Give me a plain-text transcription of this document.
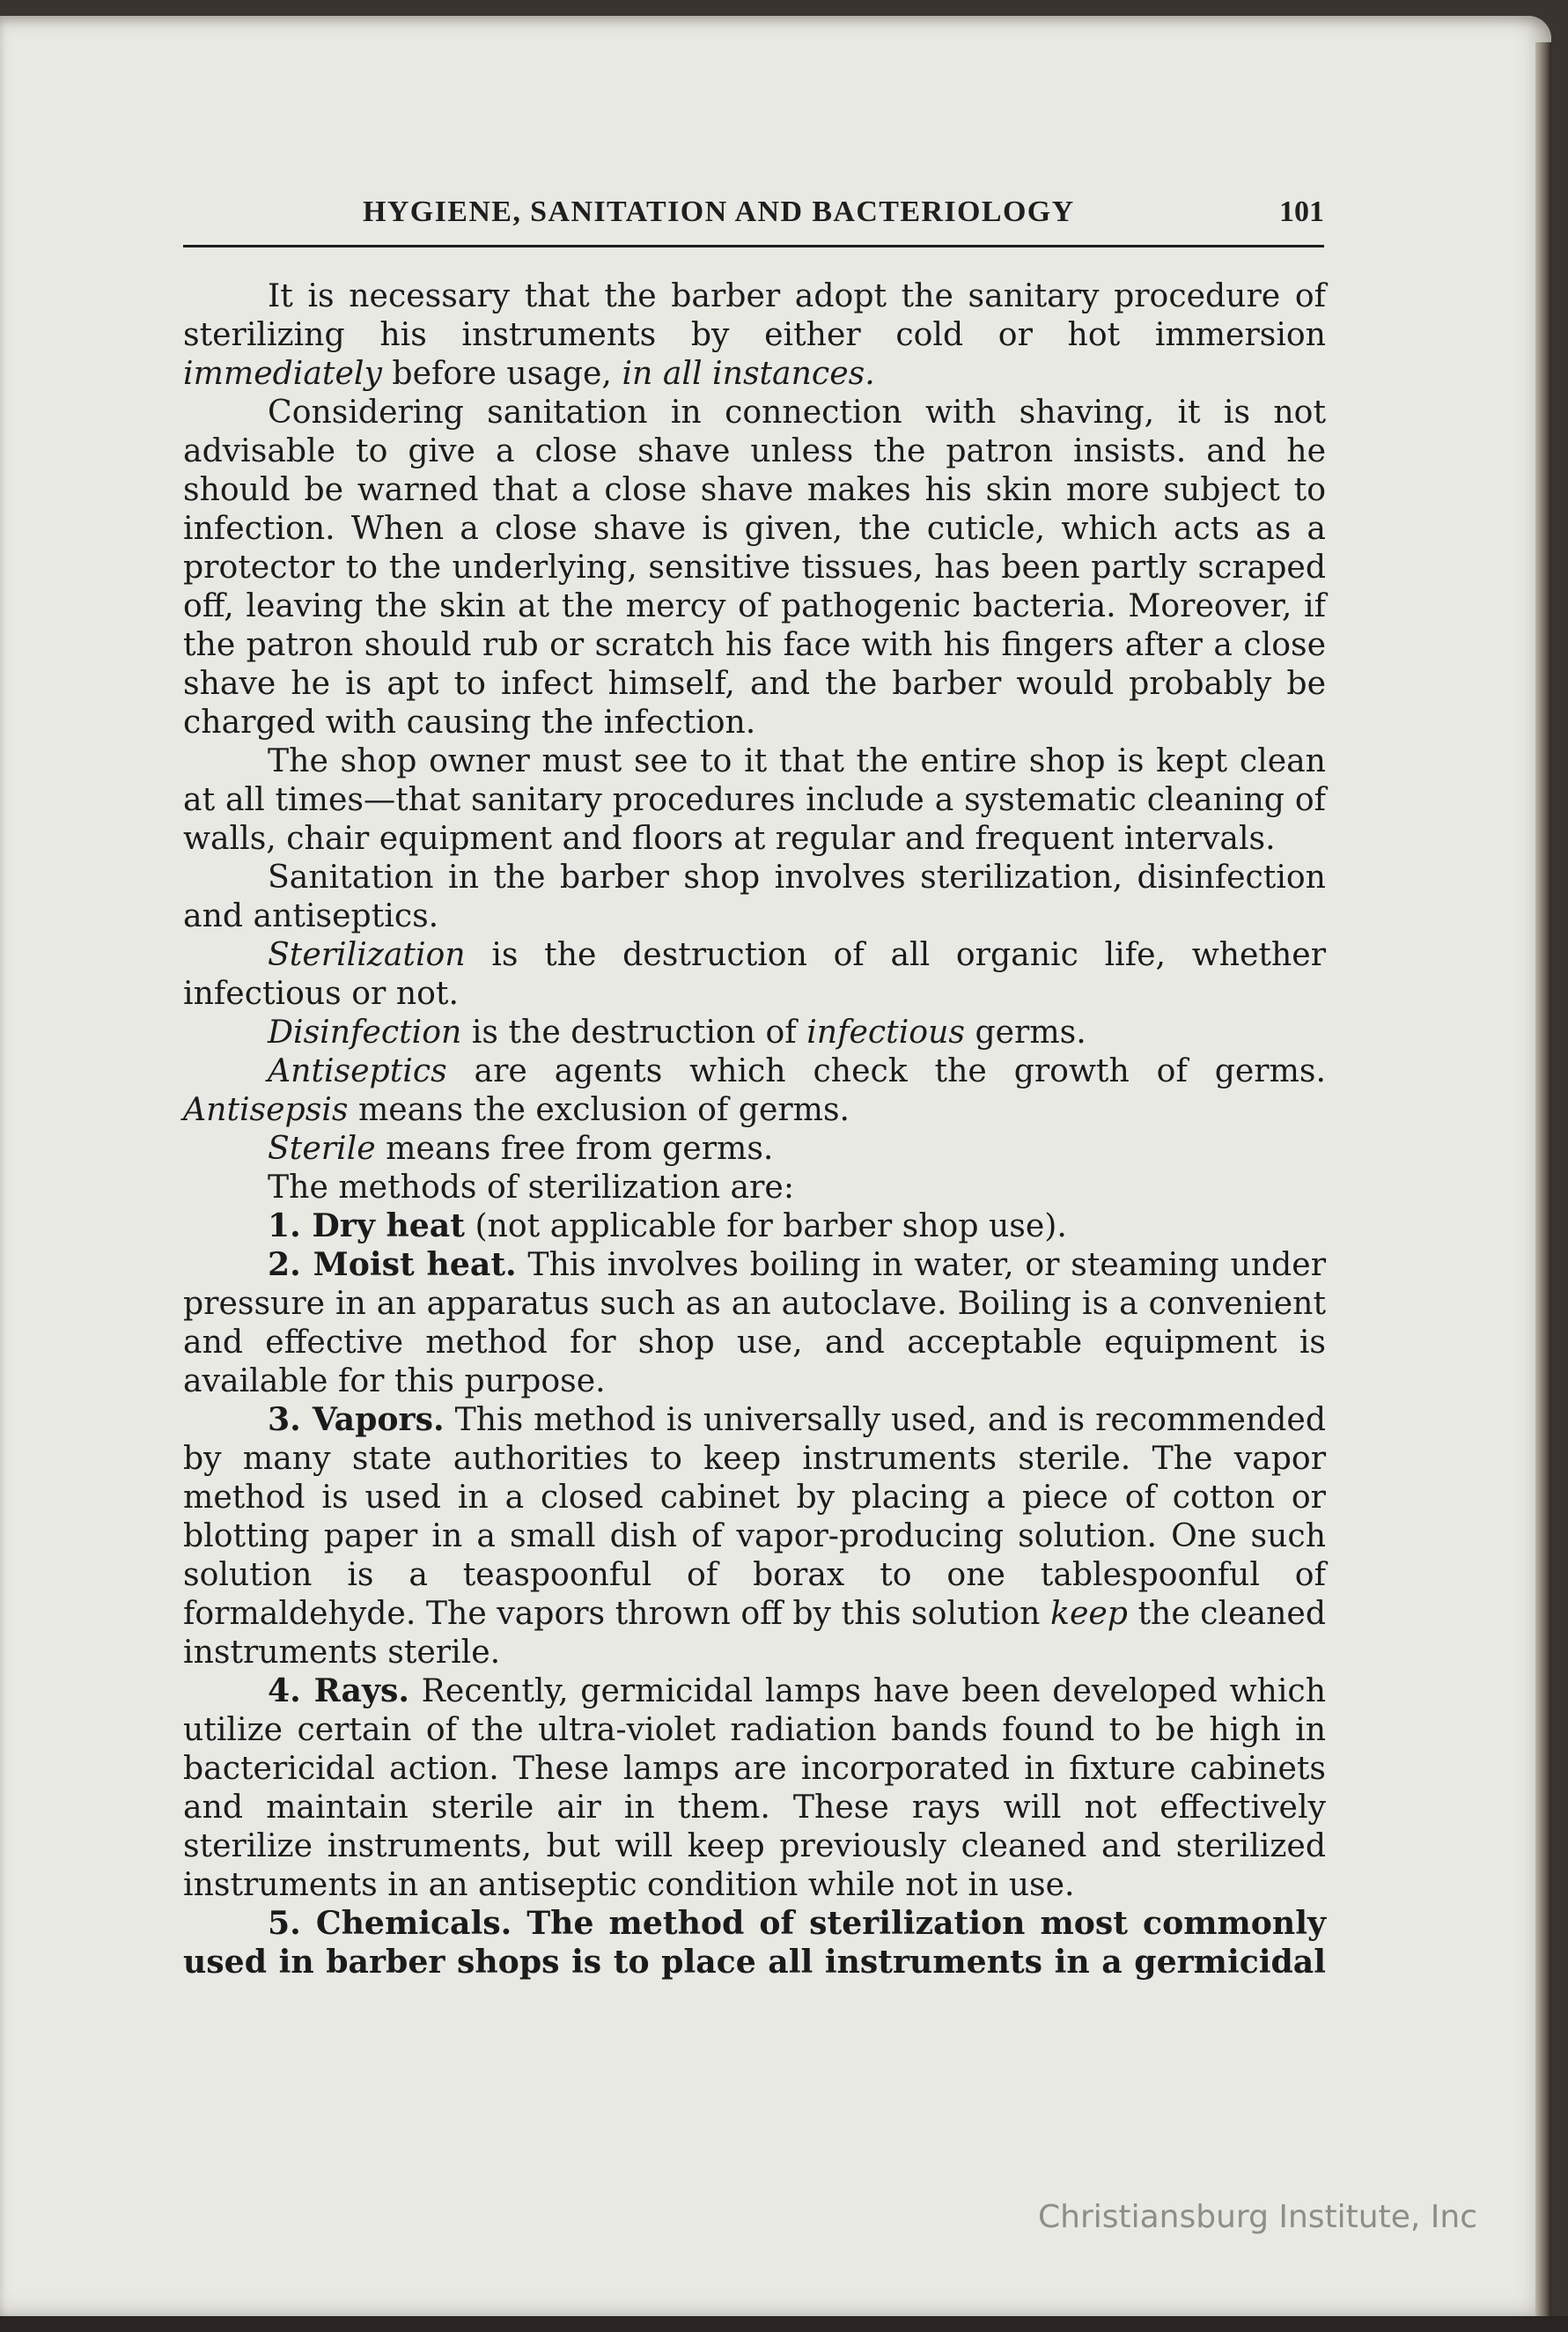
HYGIENE, SANITATION AND BACTERIOLOGY	101

It is necessary that the barber adopt the sanitary procedure of sterilizing his instruments by either cold or hot immersion immediately before usage, in all instances.

Considering sanitation in connection with shaving, it is not advisable to give a close shave unless the patron insists. and he should be warned that a close shave makes his skin more subject to infection. When a close shave is given, the cuticle, which acts as a protector to the underlying, sensitive tissues, has been partly scraped off, leaving the skin at the mercy of pathogenic bacteria. Moreover, if the patron should rub or scratch his face with his fingers after a close shave he is apt to infect himself, and the barber would probably be charged with causing the infection.

The shop owner must see to it that the entire shop is kept clean at all times—that sanitary procedures include a systematic cleaning of walls, chair equipment and floors at regular and frequent intervals.

Sanitation in the barber shop involves sterilization, disinfection and antiseptics.

Sterilization is the destruction of all organic life, whether infectious or not.

Disinfection is the destruction of infectious germs.

Antiseptics are agents which check the growth of germs.

Antisepsis means the exclusion of germs.

Sterile means free from germs.

The methods of sterilization are:

1. Dry heat (not applicable for barber shop use).

2. Moist heat. This involves boiling in water, or steaming under pressure in an apparatus such as an autoclave. Boiling is a convenient and effective method for shop use, and acceptable equipment is available for this purpose.

3. Vapors. This method is universally used, and is recommended by many state authorities to keep instruments sterile. The vapor method is used in a closed cabinet by placing a piece of cotton or blotting paper in a small dish of vapor-producing solution. One such solution is a teaspoonful of borax to one tablespoonful of formaldehyde. The vapors thrown off by this solution keep the cleaned instruments sterile.

4. Rays. Recently, germicidal lamps have been developed which utilize certain of the ultra-violet radiation bands found to be high in bactericidal action. These lamps are incorporated in fixture cabinets and maintain sterile air in them. These rays will not effectively sterilize instruments, but will keep previously cleaned and sterilized instruments in an antiseptic condition while not in use.

5. Chemicals. The method of sterilization most commonly used in barber shops is to place all instruments in a germicidal

Christiansburg Institute, Inc
